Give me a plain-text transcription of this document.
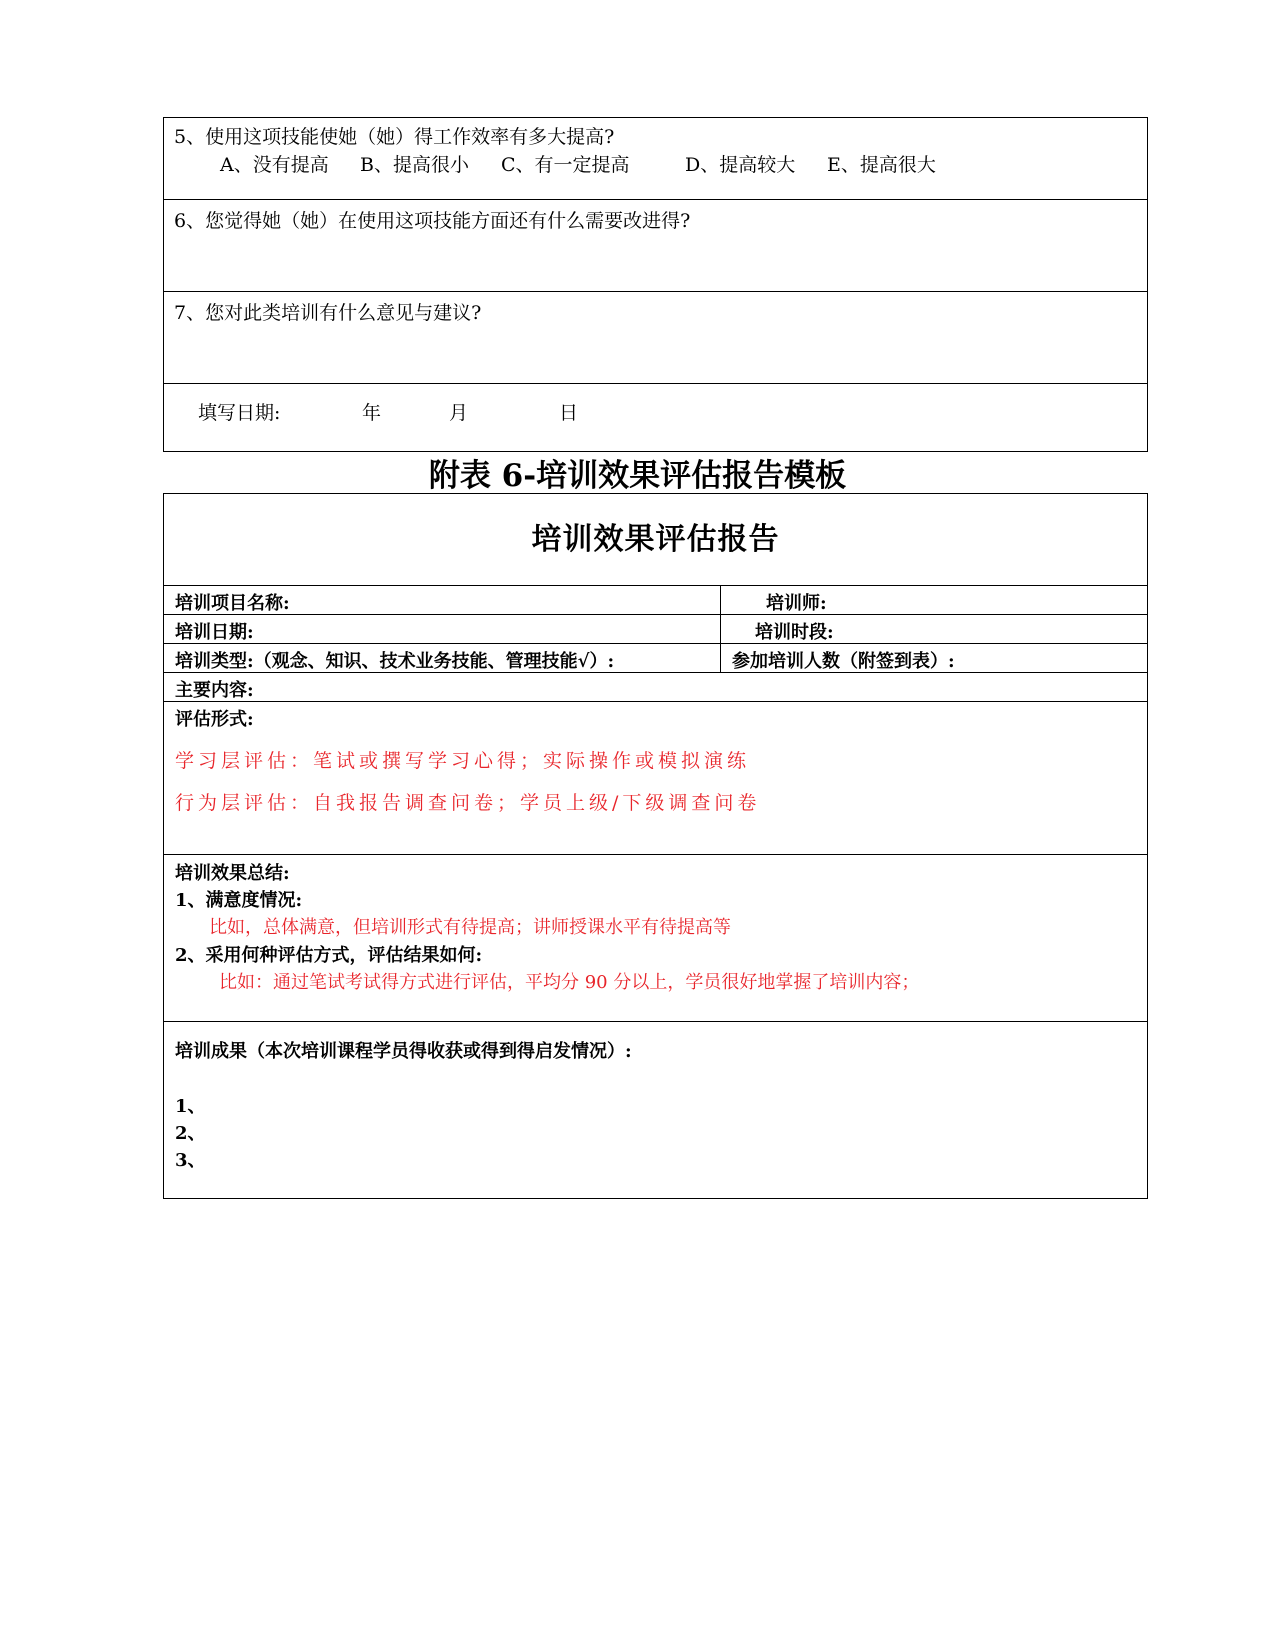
5、使用这项技能使她（她）得工作效率有多大提高?
A、没有提高 B、提高很小 C、有一定提高	D、提高较大 E、提高很大
6、您觉得她（她）在使用这项技能方面还有什么需要改进得?
7、您对此类培训有什么意见与建议?
填写日期:	年	月	日
附表 6-培训效果评估报告模板
培训效果评估报告
培训项目名称:	培训师:
培训日期:	培训时段:
培训类型:（观念、知识、技术业务技能、管理技能√）:	参加培训人数（附签到表）:
主要内容:
评估形式:
学习层评估：笔试或撰写学习心得；实际操作或模拟演练
行为层评估：自我报告调查问卷；学员上级/下级调查问卷
培训效果总结:
1、满意度情况:
比如，总体满意，但培训形式有待提高；讲师授课水平有待提高等
2、采用何种评估方式，评估结果如何:
比如：通过笔试考试得方式进行评估，平均分 90 分以上，学员很好地掌握了培训内容；
培训成果（本次培训课程学员得收获或得到得启发情况）:
1、
2、
3、
